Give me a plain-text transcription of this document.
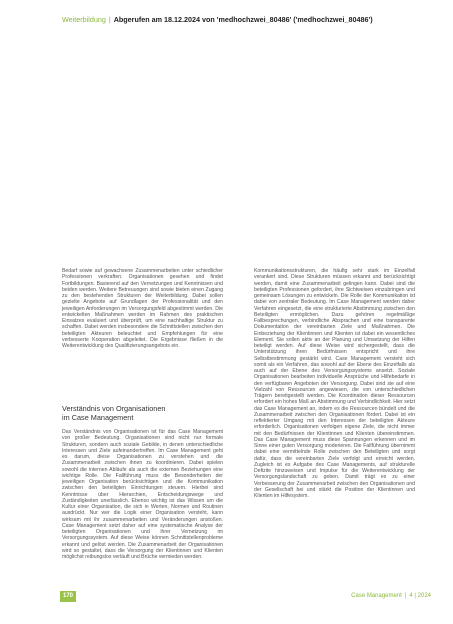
Weiterbildung | Abgerufen am 18.12.2024 von 'medhochzwei_80486' ('medhochzwei_80486')

Bedarf sowie auf gewachsene Zusammenarbeiten unter schiedlicher Professionen verkraften. Organisationen gesehen und findet Fortbildungen. Basierend auf den Vernetzungen und Kenntnissen und beiden werden. Weitere Betreuungen sind sowie bieten einen Zugang zu den bestehenden Strukturen der Weiterbildung. Dabei sollen gezielte Angebote auf Grundlagen der Professionalität und den jeweiligen Anforderungen im Versorgungsfeld abgestimmt werden. Die entwickelten Maßnahmen werden im Rahmen des praktischen Einsatzes evaluiert und überprüft, um eine nachhaltige Struktur zu schaffen. Dabei werden insbesondere die Schnittstellen zwischen den beteiligten Akteuren beleuchtet und Empfehlungen für eine verbesserte Kooperation abgeleitet. Die Ergebnisse fließen in die Weiterentwicklung des Qualifizierungsangebots ein.

Verständnis von Organisationen
im Case Management

Das Verständnis von Organisationen ist für das Case Management von großer Bedeutung. Organisationen sind nicht nur formale Strukturen, sondern auch soziale Gebilde, in denen unterschiedliche Interessen und Ziele aufeinandertreffen. Im Case Management geht es darum, diese Organisationen zu verstehen und die Zusammenarbeit zwischen ihnen zu koordinieren. Dabei spielen sowohl die internen Abläufe als auch die externen Beziehungen eine wichtige Rolle. Die Fallführung muss die Besonderheiten der jeweiligen Organisation berücksichtigen und die Kommunikation zwischen den beteiligten Einrichtungen steuern. Hierbei sind Kenntnisse über Hierarchien, Entscheidungswege und Zuständigkeiten unerlässlich. Ebenso wichtig ist das Wissen um die Kultur einer Organisation, die sich in Werten, Normen und Routinen ausdrückt. Nur wer die Logik einer Organisation versteht, kann wirksam mit ihr zusammenarbeiten und Veränderungen anstoßen. Case Management setzt daher auf eine systematische Analyse der beteiligten Organisationen und ihrer Vernetzung im Versorgungssystem. Auf diese Weise können Schnittstellenprobleme erkannt und gelöst werden. Die Zusammenarbeit der Organisationen wird so gestaltet, dass die Versorgung der Klientinnen und Klienten möglichst reibungslos verläuft und Brüche vermieden werden.

Kommunikationsstrukturen, die häufig sehr stark im Einzelfall verankert sind. Diese Strukturen müssen erkannt und berücksichtigt werden, damit eine Zusammenarbeit gelingen kann. Dabei sind die beteiligten Professionen gefordert, ihre Sichtweisen einzubringen und gemeinsam Lösungen zu entwickeln. Die Rolle der Kommunikation ist dabei von zentraler Bedeutung. Im Case Management werden daher Verfahren eingesetzt, die eine strukturierte Abstimmung zwischen den Beteiligten ermöglichen. Dazu gehören regelmäßige Fallbesprechungen, verbindliche Absprachen und eine transparente Dokumentation der vereinbarten Ziele und Maßnahmen. Die Einbeziehung der Klientinnen und Klienten ist dabei ein wesentliches Element. Sie sollen aktiv an der Planung und Umsetzung der Hilfen beteiligt werden. Auf diese Weise wird sichergestellt, dass die Unterstützung ihren Bedürfnissen entspricht und ihre Selbstbestimmung gestärkt wird. Case Management versteht sich somit als ein Verfahren, das sowohl auf der Ebene des Einzelfalls als auch auf der Ebene des Versorgungssystems ansetzt. Soziale Organisationen bearbeiten individuelle Ansprüche und Hilfebedarfe in den verfügbaren Angeboten der Versorgung. Dabei sind sie auf eine Vielzahl von Ressourcen angewiesen, die von unterschiedlichen Trägern bereitgestellt werden. Die Koordination dieser Ressourcen erfordert ein hohes Maß an Abstimmung und Verbindlichkeit. Hier setzt das Case Management an, indem es die Ressourcen bündelt und die Zusammenarbeit zwischen den Organisationen fördert. Dabei ist ein reflektierter Umgang mit den Interessen der beteiligten Akteure erforderlich. Organisationen verfolgen eigene Ziele, die nicht immer mit den Bedürfnissen der Klientinnen und Klienten übereinstimmen. Das Case Management muss diese Spannungen erkennen und im Sinne einer guten Versorgung moderieren. Die Fallführung übernimmt dabei eine vermittelnde Rolle zwischen den Beteiligten und sorgt dafür, dass die vereinbarten Ziele verfolgt und erreicht werden. Zugleich ist es Aufgabe des Case Managements, auf strukturelle Defizite hinzuweisen und Impulse für die Weiterentwicklung der Versorgungslandschaft zu geben. Damit trägt es zu einer Verbesserung der Zusammenarbeit zwischen den Organisationen und der Gesellschaft bei und stärkt die Position der Klientinnen und Klienten im Hilfesystem.

170	Case Management | 4 | 2024
